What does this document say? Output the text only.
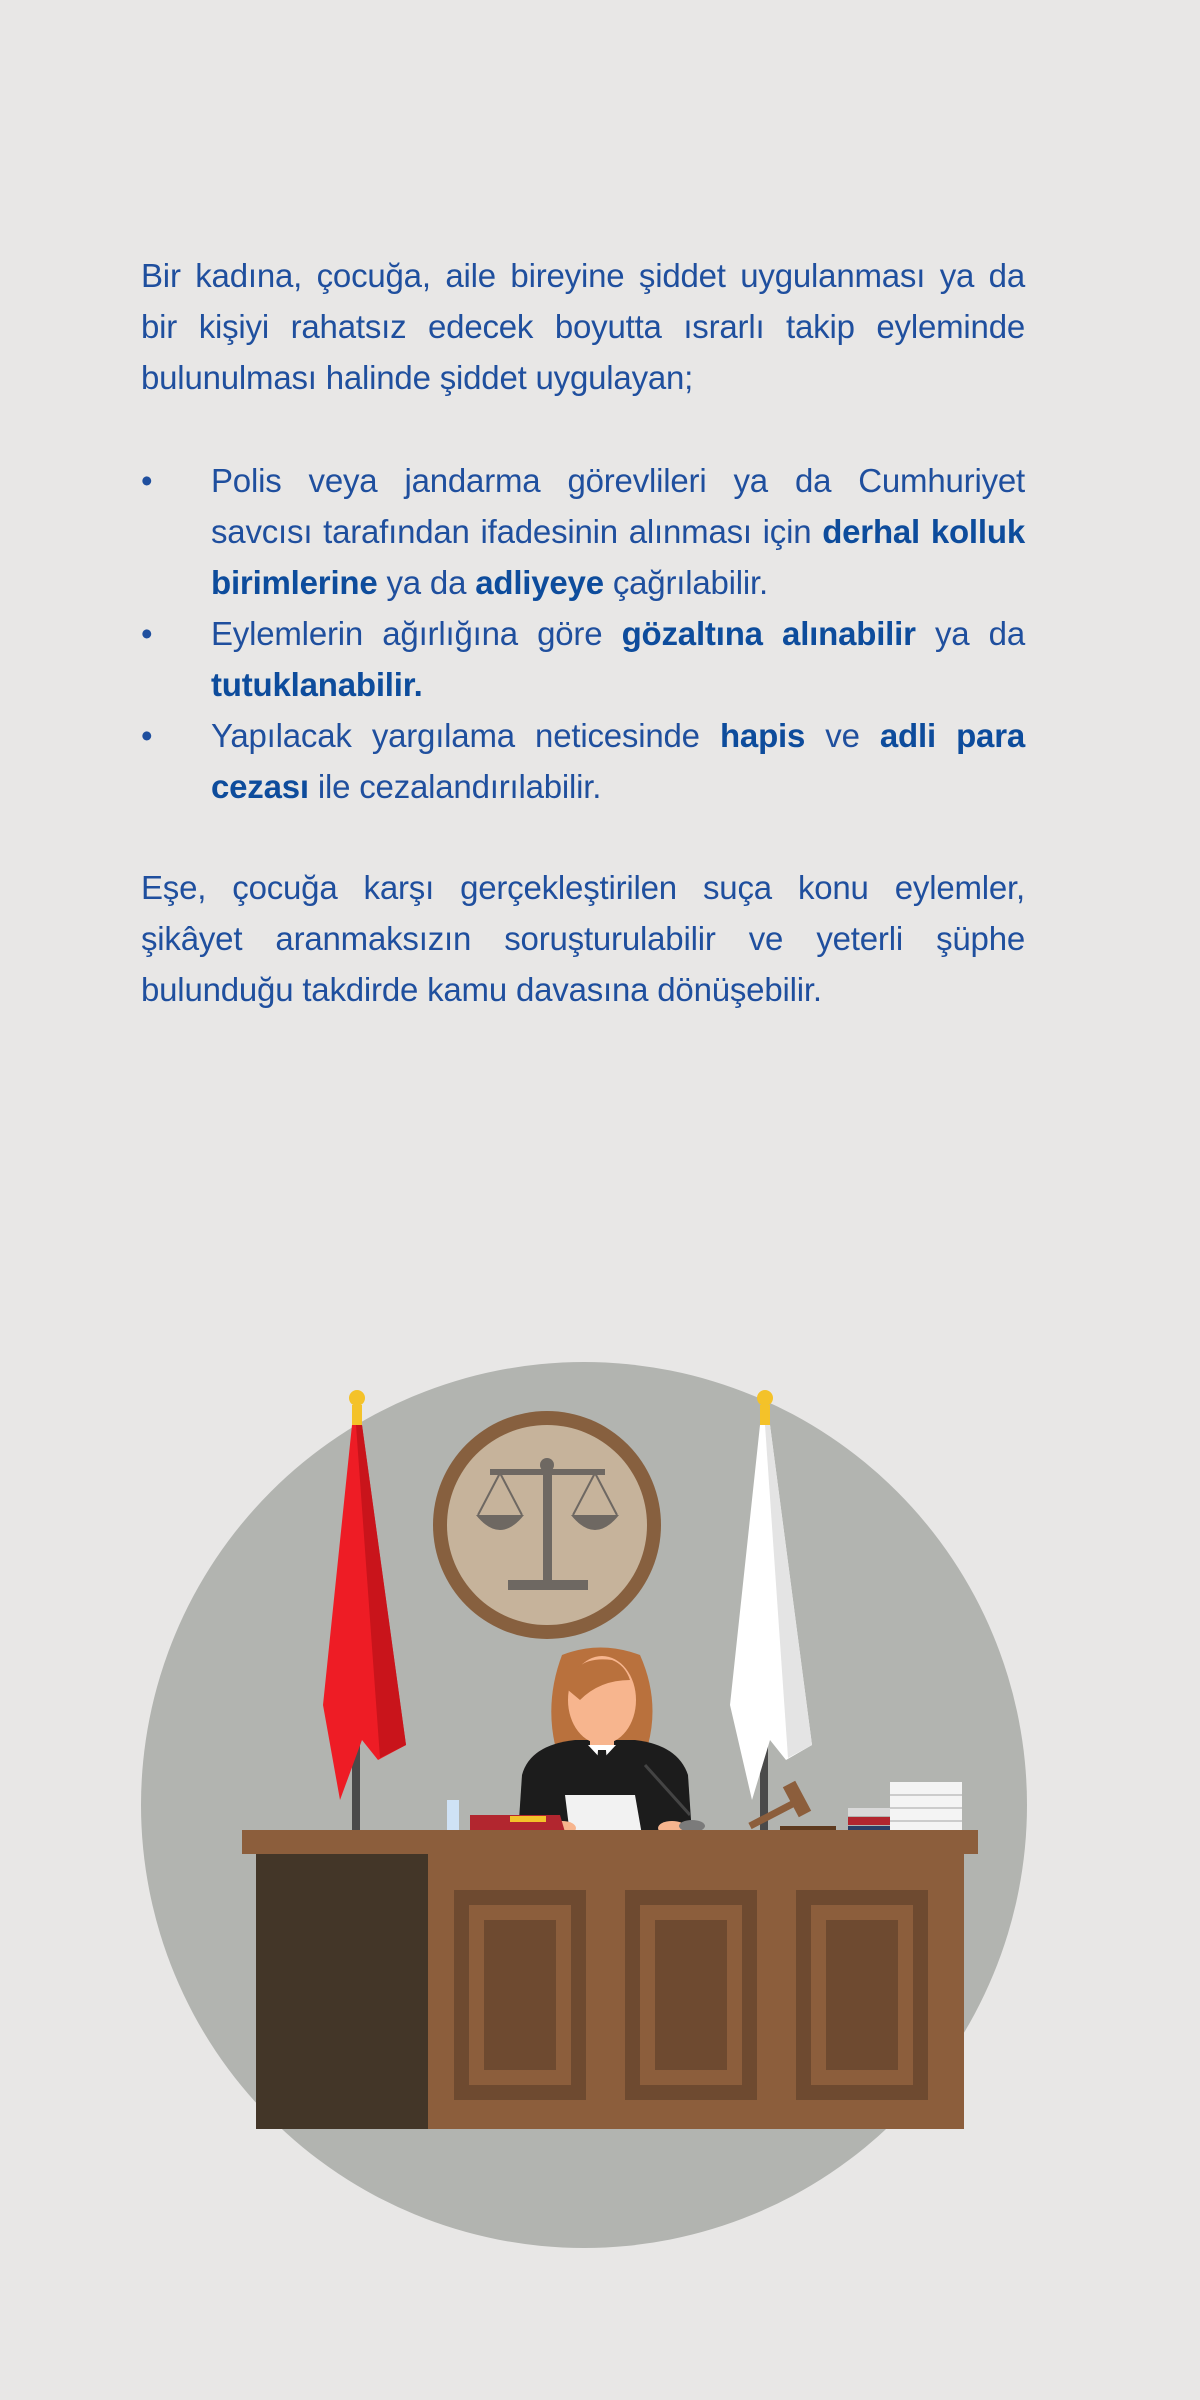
Bir kadına, çocuğa, aile bireyine şiddet uygulanması ya da bir kişiyi rahatsız edecek boyutta ısrarlı takip eyleminde bulunulması halinde şiddet uygulayan;
• Polis veya jandarma görevlileri ya da Cumhuriyet savcısı tarafından ifadesinin alınması için derhal kolluk birimlerine ya da adliyeye çağrılabilir.
• Eylemlerin ağırlığına göre gözaltına alınabilir ya da tutuklanabilir.
• Yapılacak yargılama neticesinde hapis ve adli para cezası ile cezalandırılabilir.
Eşe, çocuğa karşı gerçekleştirilen suça konu eylemler, şikâyet aranmaksızın soruşturulabilir ve yeterli şüphe bulunduğu takdirde kamu davasına dönüşebilir.
